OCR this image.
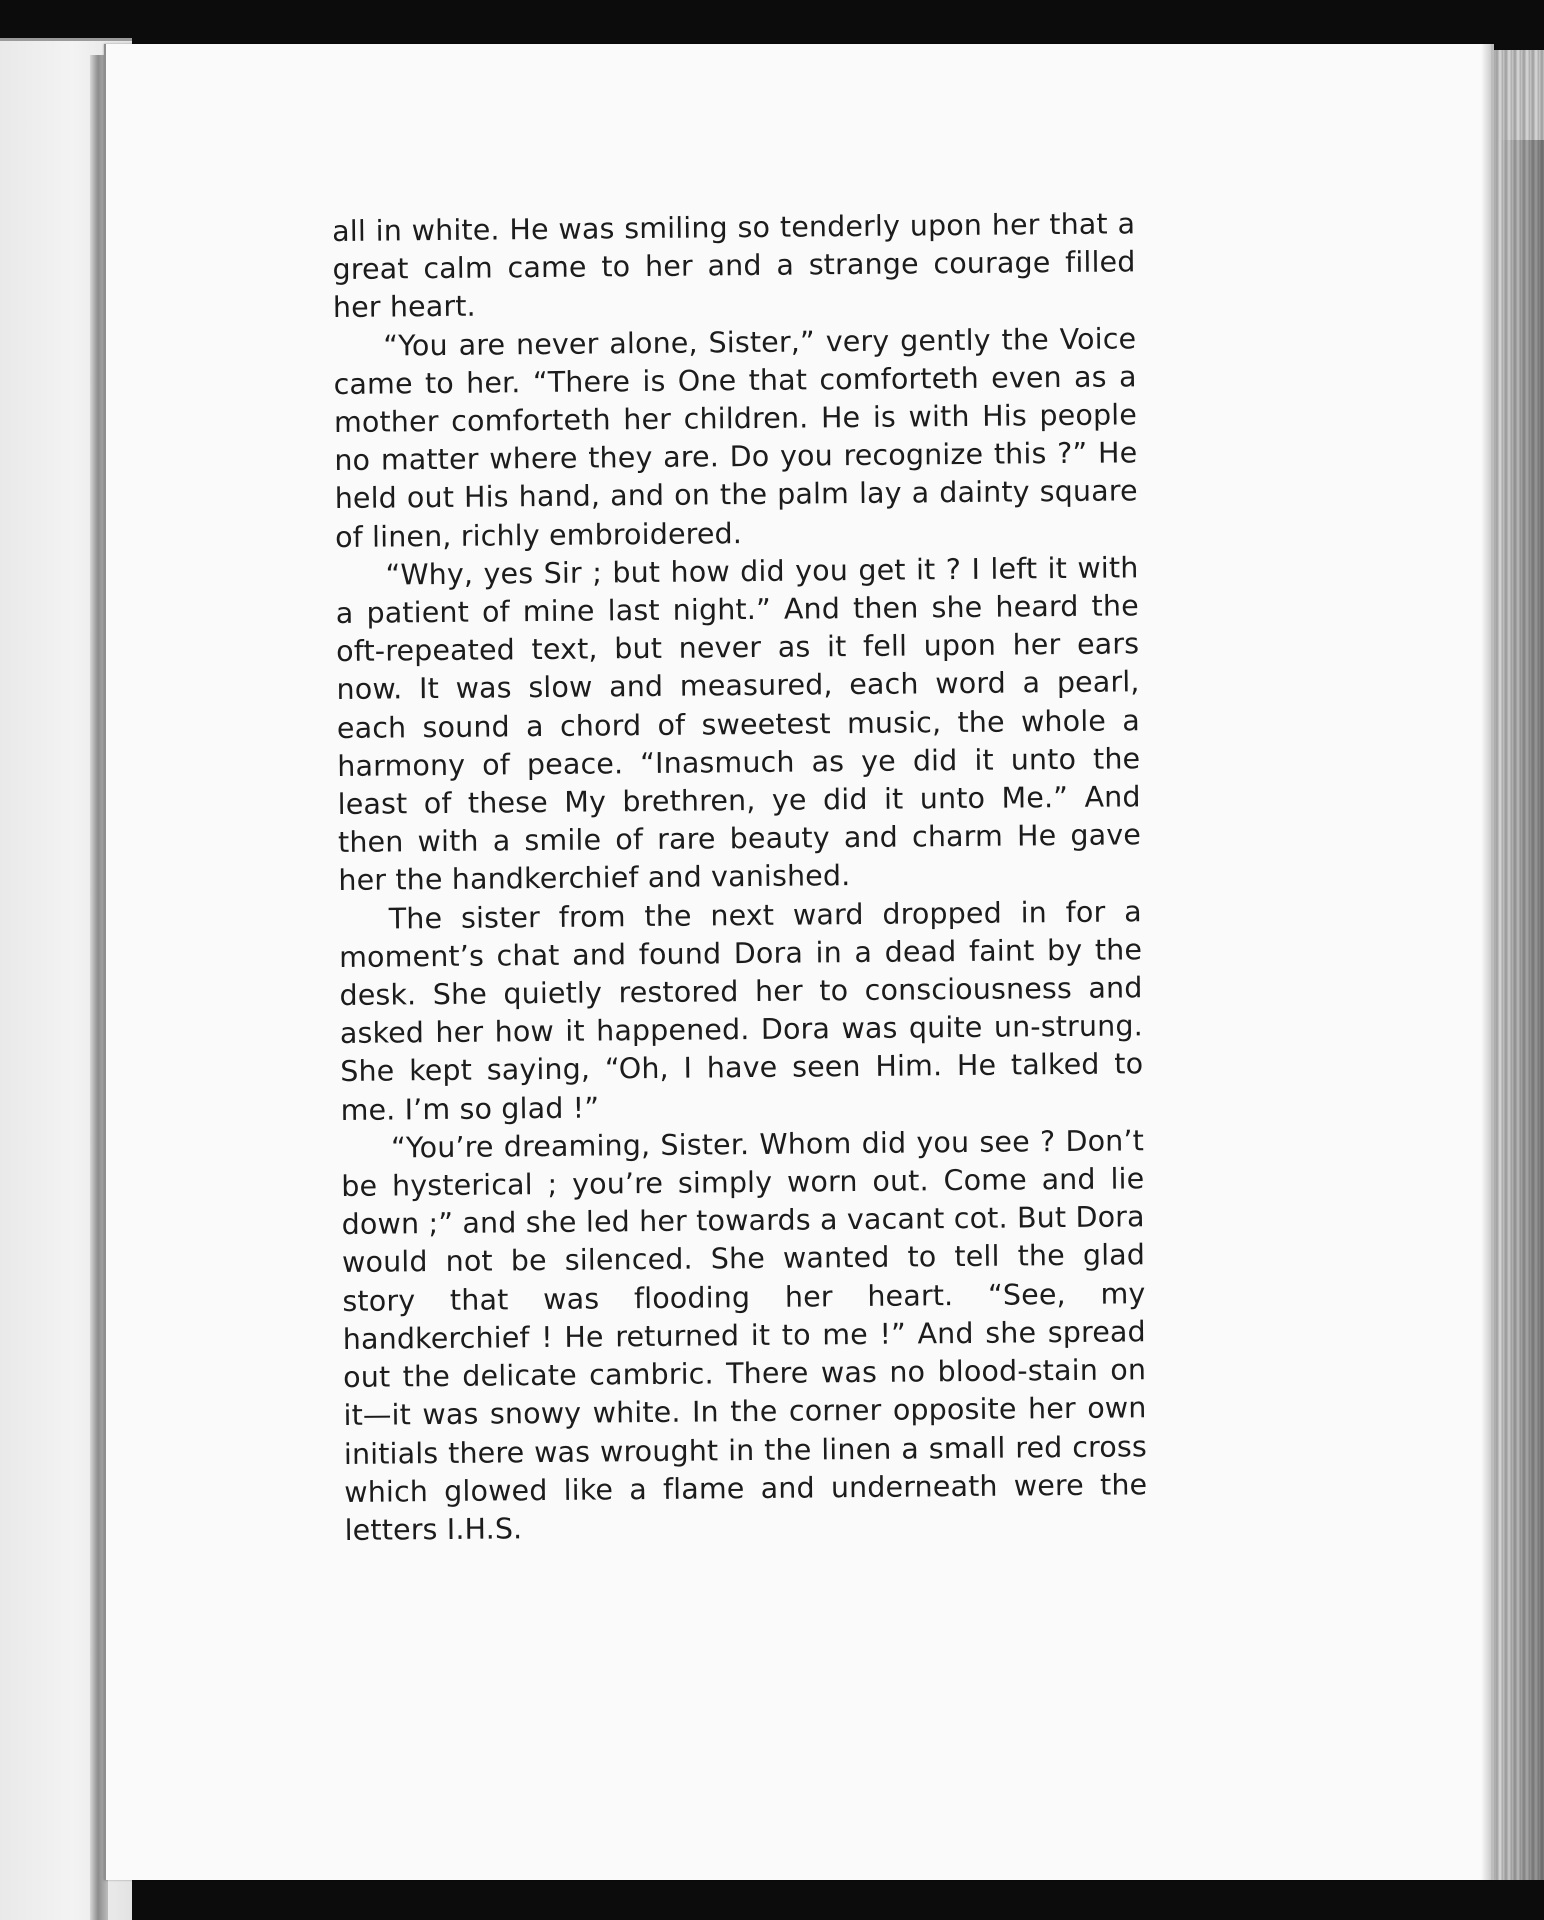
all in white. He was smiling so tenderly upon her that a great calm came to her and a strange courage filled her heart.

“You are never alone, Sister,” very gently the Voice came to her. “There is One that comforteth even as a mother comforteth her children. He is with His people no matter where they are. Do you recognize this ?” He held out His hand, and on the palm lay a dainty square of linen, richly embroidered.

“Why, yes Sir ; but how did you get it ? I left it with a patient of mine last night.” And then she heard the oft-repeated text, but never as it fell upon her ears now. It was slow and measured, each word a pearl, each sound a chord of sweetest music, the whole a harmony of peace. “Inasmuch as ye did it unto the least of these My brethren, ye did it unto Me.” And then with a smile of rare beauty and charm He gave her the handkerchief and vanished.

The sister from the next ward dropped in for a moment’s chat and found Dora in a dead faint by the desk. She quietly restored her to consciousness and asked her how it happened. Dora was quite un-strung. She kept saying, “Oh, I have seen Him. He talked to me. I’m so glad !”

“You’re dreaming, Sister. Whom did you see ? Don’t be hysterical ; you’re simply worn out. Come and lie down ;” and she led her towards a vacant cot. But Dora would not be silenced. She wanted to tell the glad story that was flooding her heart. “See, my handkerchief ! He returned it to me !” And she spread out the delicate cambric. There was no blood-stain on it—it was snowy white. In the corner opposite her own initials there was wrought in the linen a small red cross which glowed like a flame and underneath were the letters I.H.S.
